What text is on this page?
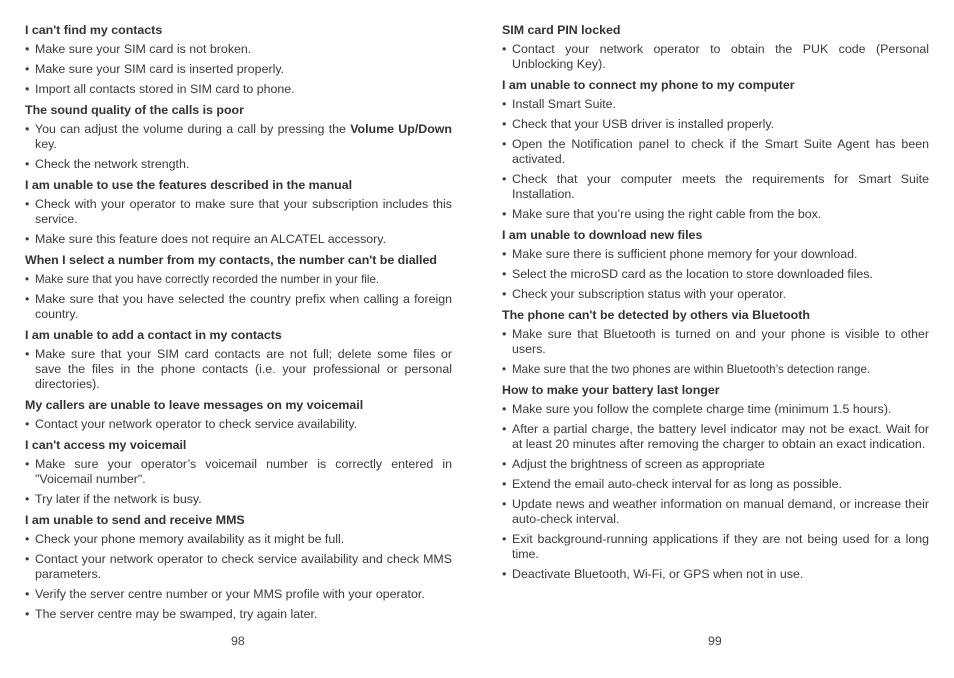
I can't find my contacts
• Make sure your SIM card is not broken.
• Make sure your SIM card is inserted properly.
• Import all contacts stored in SIM card to phone.
The sound quality of the calls is poor
• You can adjust the volume during a call by pressing the Volume Up/Down key.
• Check the network strength.
I am unable to use the features described in the manual
• Check with your operator to make sure that your subscription includes this service.
• Make sure this feature does not require an ALCATEL accessory.
When I select a number from my contacts, the number can't be dialled
• Make sure that you have correctly recorded the number in your file.
• Make sure that you have selected the country prefix when calling a foreign country.
I am unable to add a contact in my contacts
• Make sure that your SIM card contacts are not full; delete some files or save the files in the phone contacts (i.e. your professional or personal directories).
My callers are unable to leave messages on my voicemail
• Contact your network operator to check service availability.
I can't access my voicemail
• Make sure your operator’s voicemail number is correctly entered in "Voicemail number".
• Try later if the network is busy.
I am unable to send and receive MMS
• Check your phone memory availability as it might be full.
• Contact your network operator to check service availability and check MMS parameters.
• Verify the server centre number or your MMS profile with your operator.
• The server centre may be swamped, try again later.
SIM card PIN locked
• Contact your network operator to obtain the PUK code (Personal Unblocking Key).
I am unable to connect my phone to my computer
• Install Smart Suite.
• Check that your USB driver is installed properly.
• Open the Notification panel to check if the Smart Suite Agent has been activated.
• Check that your computer meets the requirements for Smart Suite Installation.
• Make sure that you’re using the right cable from the box.
I am unable to download new files
• Make sure there is sufficient phone memory for your download.
• Select the microSD card as the location to store downloaded files.
• Check your subscription status with your operator.
The phone can't be detected by others via Bluetooth
• Make sure that Bluetooth is turned on and your phone is visible to other users.
• Make sure that the two phones are within Bluetooth’s detection range.
How to make your battery last longer
• Make sure you follow the complete charge time (minimum 1.5 hours).
• After a partial charge, the battery level indicator may not be exact. Wait for at least 20 minutes after removing the charger to obtain an exact indication.
• Adjust the brightness of screen as appropriate
• Extend the email auto-check interval for as long as possible.
• Update news and weather information on manual demand, or increase their auto-check interval.
• Exit background-running applications if they are not being used for a long time.
• Deactivate Bluetooth, Wi-Fi, or GPS when not in use.
98	99
